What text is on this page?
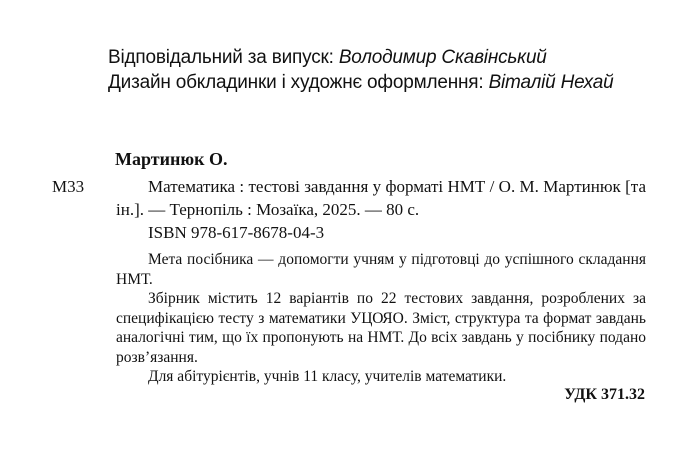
Відповідальний за випуск: Володимир Скавінський
Дизайн обкладинки і художнє оформлення: Віталій Нехай
Мартинюк О.
М33	Математика : тестові завдання у форматі НМТ / О. М. Мартинюк [та ін.]. — Тернопіль : Мозаїка, 2025. — 80 с.
ISBN 978-617-8678-04-3

Мета посібника — допомогти учням у підготовці до успішного складання НМТ.

Збірник містить 12 варіантів по 22 тестових завдання, розроблених за специфікацією тесту з математики УЦОЯО. Зміст, структура та формат завдань аналогічні тим, що їх пропонують на НМТ. До всіх завдань у посібнику подано розв’язання.

Для абітурієнтів, учнів 11 класу, учителів математики.

УДК 371.32
